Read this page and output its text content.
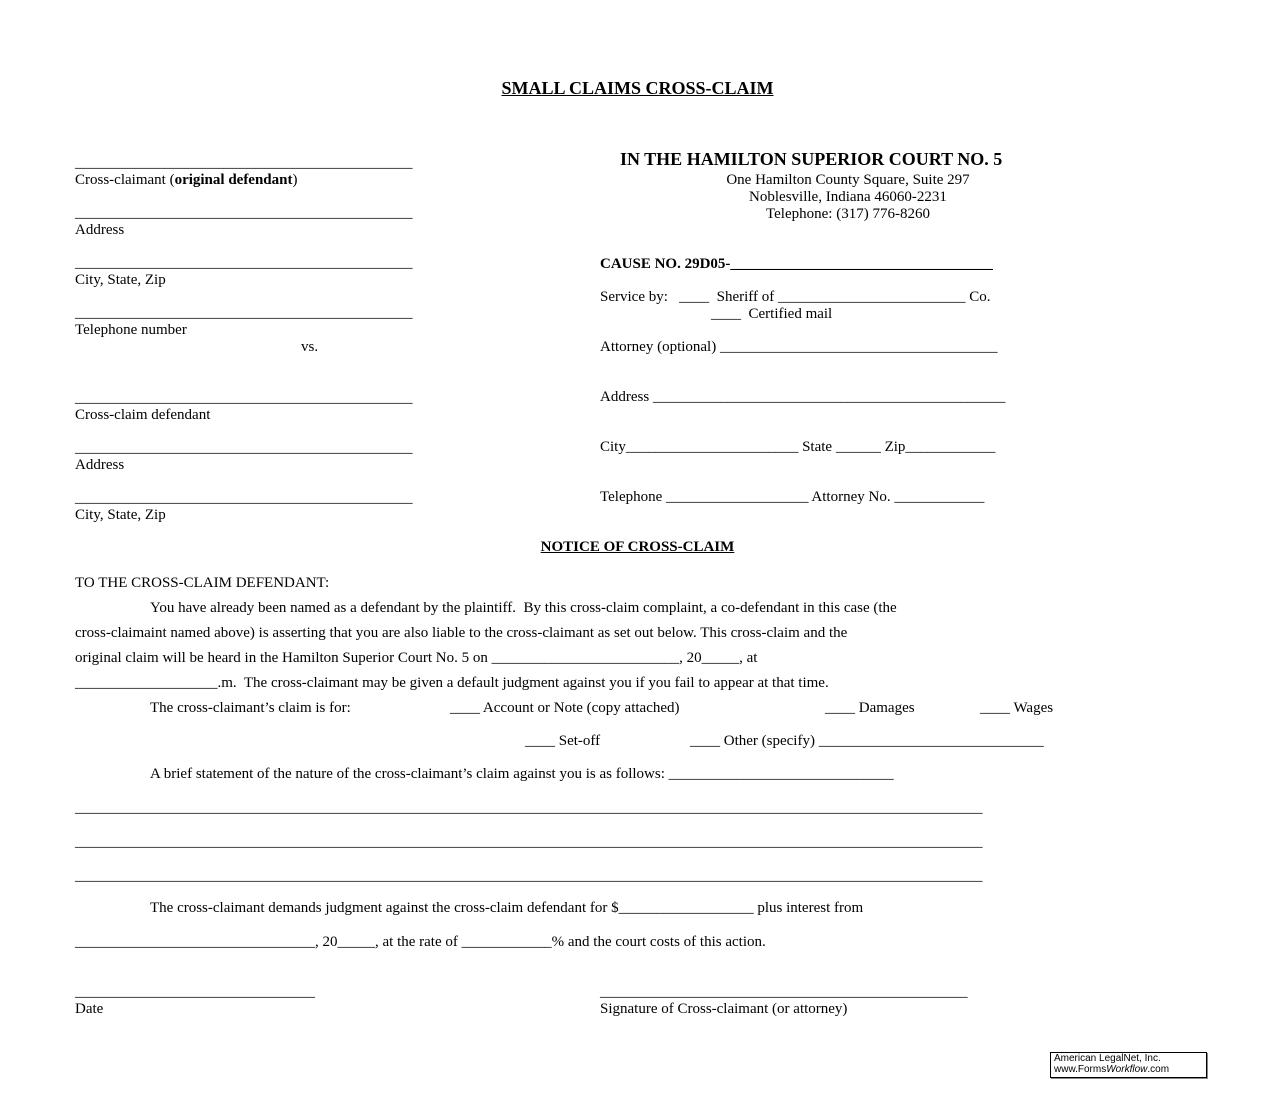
SMALL CLAIMS CROSS-CLAIM
_____________________________________________
Cross-claimant (original defendant)
_____________________________________________
Address
_____________________________________________
City, State, Zip
_____________________________________________
Telephone number
vs.
_____________________________________________
Cross-claim defendant
_____________________________________________
Address
_____________________________________________
City, State, Zip
IN THE HAMILTON SUPERIOR COURT NO. 5
One Hamilton County Square, Suite 297
Noblesville, Indiana 46060-2231
Telephone: (317) 776-8260
CAUSE NO. 29D05-___________________________________
Service by:   ____  Sheriff of _________________________ Co.
____  Certified mail
Attorney (optional) _____________________________________
Address _______________________________________________
City_______________________ State ______ Zip____________
Telephone ___________________ Attorney No. ____________
NOTICE OF CROSS-CLAIM
TO THE CROSS-CLAIM DEFENDANT:
You have already been named as a defendant by the plaintiff.  By this cross-claim complaint, a co-defendant in this case (the
cross-claimaint named above) is asserting that you are also liable to the cross-claimant as set out below. This cross-claim and the
original claim will be heard in the Hamilton Superior Court No. 5 on _________________________, 20_____, at
___________________.m.  The cross-claimant may be given a default judgment against you if you fail to appear at that time.
The cross-claimant’s claim is for:	____ Account or Note (copy attached)	____ Damages	____ Wages
____ Set-off	____ Other (specify) ______________________________
A brief statement of the nature of the cross-claimant’s claim against you is as follows: ______________________________
_________________________________________________________________________________________________________________________
_________________________________________________________________________________________________________________________
_________________________________________________________________________________________________________________________
The cross-claimant demands judgment against the cross-claim defendant for $__________________ plus interest from
________________________________, 20_____, at the rate of ____________% and the court costs of this action.
________________________________
Date
_________________________________________________
Signature of Cross-claimant (or attorney)
American LegalNet, Inc.
www.FormsWorkflow.com
